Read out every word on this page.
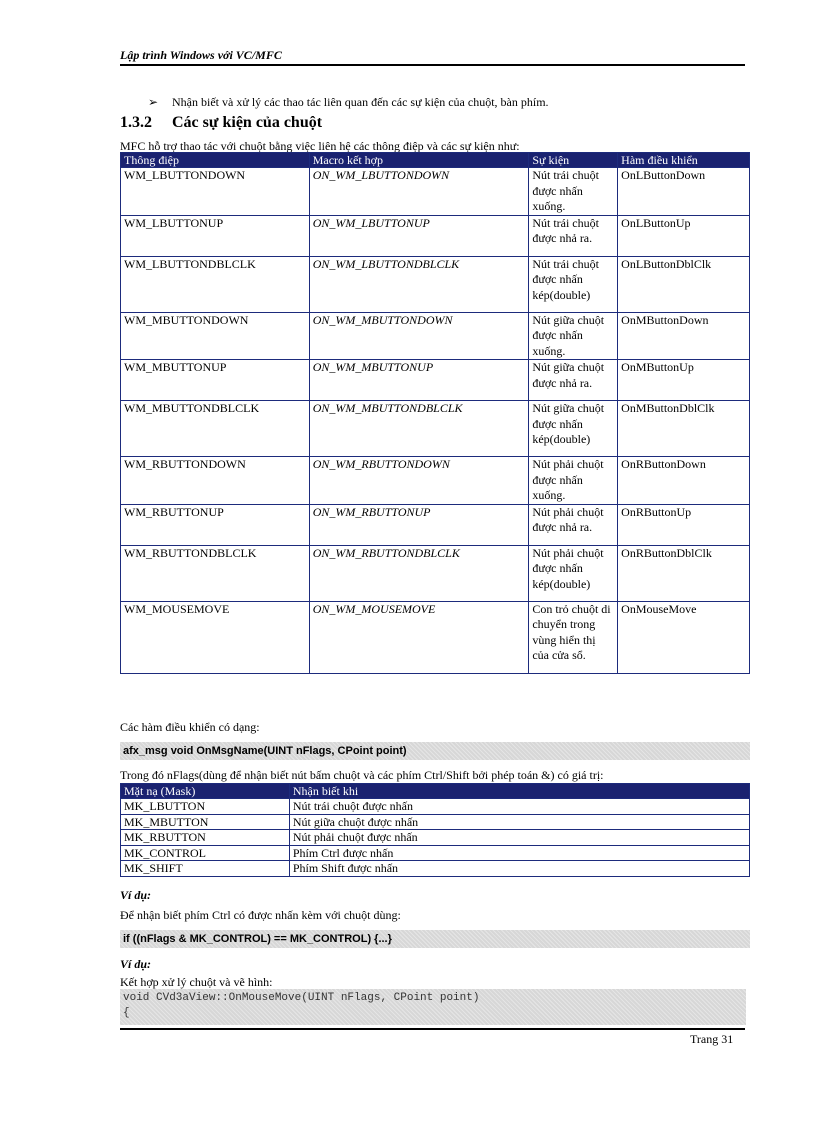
Lập trình Windows với VC/MFC
➢ Nhận biết và xử lý các thao tác liên quan đến các sự kiện của chuột, bàn phím.
1.3.2 Các sự kiện của chuột
MFC hỗ trợ thao tác với chuột bằng việc liên hệ các thông điệp và các sự kiện như:
Thông điệp	Macro kết hợp	Sự kiện	Hàm điều khiển
WM_LBUTTONDOWN	ON_WM_LBUTTONDOWN	Nút trái chuột được nhấn xuống.	OnLButtonDown
WM_LBUTTONUP	ON_WM_LBUTTONUP	Nút trái chuột được nhả ra.	OnLButtonUp
WM_LBUTTONDBLCLK	ON_WM_LBUTTONDBLCLK	Nút trái chuột được nhấn kép(double)	OnLButtonDblClk
WM_MBUTTONDOWN	ON_WM_MBUTTONDOWN	Nút giữa chuột được nhấn xuống.	OnMButtonDown
WM_MBUTTONUP	ON_WM_MBUTTONUP	Nút giữa chuột được nhả ra.	OnMButtonUp
WM_MBUTTONDBLCLK	ON_WM_MBUTTONDBLCLK	Nút giữa chuột được nhấn kép(double)	OnMButtonDblClk
WM_RBUTTONDOWN	ON_WM_RBUTTONDOWN	Nút phải chuột được nhấn xuống.	OnRButtonDown
WM_RBUTTONUP	ON_WM_RBUTTONUP	Nút phải chuột được nhả ra.	OnRButtonUp
WM_RBUTTONDBLCLK	ON_WM_RBUTTONDBLCLK	Nút phải chuột được nhấn kép(double)	OnRButtonDblClk
WM_MOUSEMOVE	ON_WM_MOUSEMOVE	Con trỏ chuột di chuyển trong vùng hiển thị của cửa sổ.	OnMouseMove
Các hàm điều khiển có dạng:
afx_msg void OnMsgName(UINT nFlags, CPoint point)
Trong đó nFlags(dùng để nhận biết nút bấm chuột và các phím Ctrl/Shift bởi phép toán &) có giá trị:
Mặt nạ (Mask)	Nhận biết khi
MK_LBUTTON	Nút trái chuột được nhấn
MK_MBUTTON	Nút giữa chuột được nhấn
MK_RBUTTON	Nút phải chuột được nhấn
MK_CONTROL	Phím Ctrl được nhấn
MK_SHIFT	Phím Shift được nhấn
Ví dụ:
Để nhận biết phím Ctrl có được nhấn kèm với chuột dùng:
if ((nFlags & MK_CONTROL) == MK_CONTROL) {...}
Ví dụ:
Kết hợp xử lý chuột và vẽ hình:
void CVd3aView::OnMouseMove(UINT nFlags, CPoint point)
{
Trang 31
